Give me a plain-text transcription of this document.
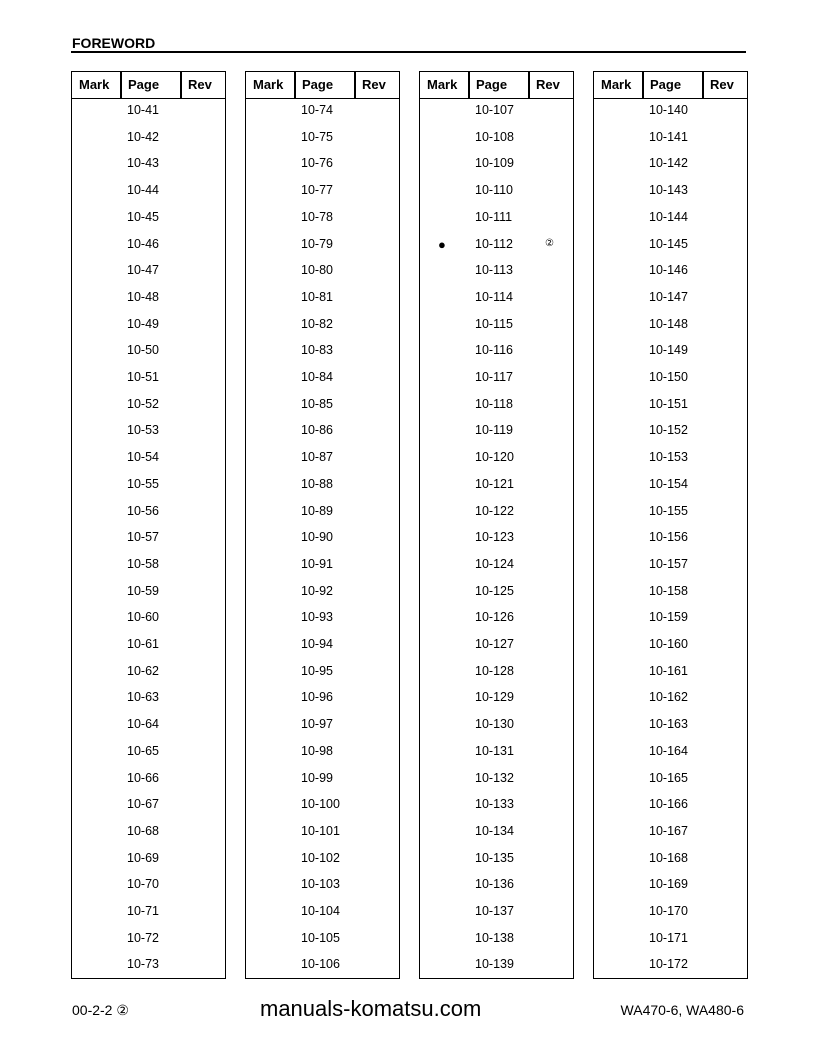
FOREWORD
Mark Page Rev
10-41
10-42
10-43
10-44
10-45
10-46
10-47
10-48
10-49
10-50
10-51
10-52
10-53
10-54
10-55
10-56
10-57
10-58
10-59
10-60
10-61
10-62
10-63
10-64
10-65
10-66
10-67
10-68
10-69
10-70
10-71
10-72
10-73
Mark Page Rev
10-74
10-75
10-76
10-77
10-78
10-79
10-80
10-81
10-82
10-83
10-84
10-85
10-86
10-87
10-88
10-89
10-90
10-91
10-92
10-93
10-94
10-95
10-96
10-97
10-98
10-99
10-100
10-101
10-102
10-103
10-104
10-105
10-106
Mark Page Rev
10-107
10-108
10-109
10-110
10-111
● 10-112	②
10-113
10-114
10-115
10-116
10-117
10-118
10-119
10-120
10-121
10-122
10-123
10-124
10-125
10-126
10-127
10-128
10-129
10-130
10-131
10-132
10-133
10-134
10-135
10-136
10-137
10-138
10-139
Mark Page Rev
10-140
10-141
10-142
10-143
10-144
10-145
10-146
10-147
10-148
10-149
10-150
10-151
10-152
10-153
10-154
10-155
10-156
10-157
10-158
10-159
10-160
10-161
10-162
10-163
10-164
10-165
10-166
10-167
10-168
10-169
10-170
10-171
10-172
manuals-komatsu.com
00-2-2 ②	WA470-6, WA480-6
